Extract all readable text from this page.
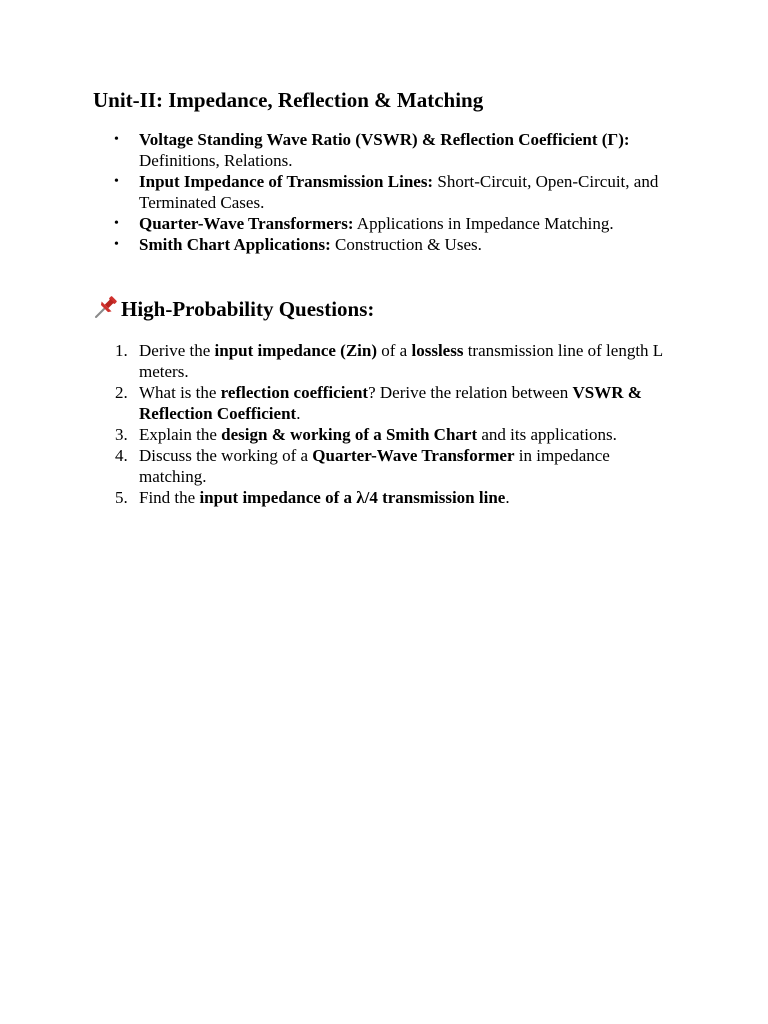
Unit-II: Impedance, Reflection & Matching
• Voltage Standing Wave Ratio (VSWR) & Reflection Coefficient (Γ): Definitions, Relations.
• Input Impedance of Transmission Lines: Short-Circuit, Open-Circuit, and Terminated Cases.
• Quarter-Wave Transformers: Applications in Impedance Matching.
• Smith Chart Applications: Construction & Uses.
High-Probability Questions:
1. Derive the input impedance (Zin) of a lossless transmission line of length L meters.
2. What is the reflection coefficient? Derive the relation between VSWR & Reflection Coefficient.
3. Explain the design & working of a Smith Chart and its applications.
4. Discuss the working of a Quarter-Wave Transformer in impedance matching.
5. Find the input impedance of a λ/4 transmission line.
